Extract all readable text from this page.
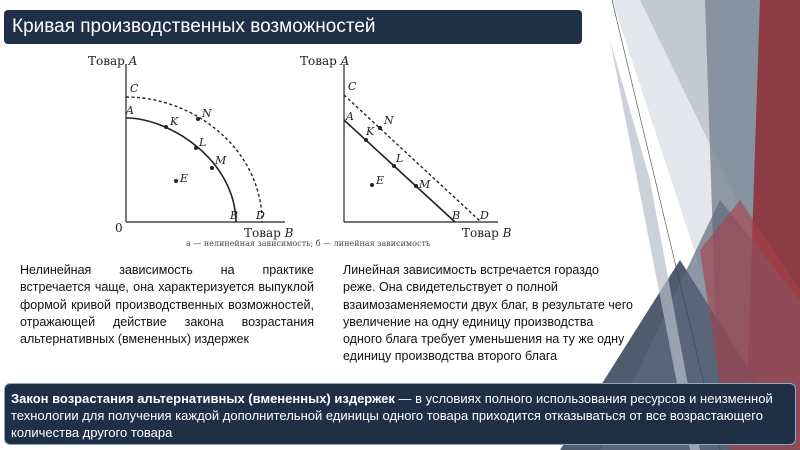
Кривая производственных возможностей
Товар A
Товар B
0
C
A
K
N
L
M
E
B D
Товар A
Товар B
C
A
K
N
L
M
E
B D
а — нелинейная зависимость; б — линейная зависимость
Нелинейная зависимость на практике встречается чаще, она характеризуется выпуклой формой кривой производственных возможностей, отражающей действие закона возрастания альтернативных (вмененных) издержек
Линейная зависимость встречается гораздо реже. Она свидетельствует о полной взаимозаменяемости двух благ, в результате чего увеличение на одну единицу производства одного блага требует уменьшения на ту же одну единицу производства второго блага
Закон возрастания альтернативных (вмененных) издержек — в условиях полного использования ресурсов и неизменной технологии для получения каждой дополнительной единицы одного товара приходится отказываться от все возрастающего количества другого товара
